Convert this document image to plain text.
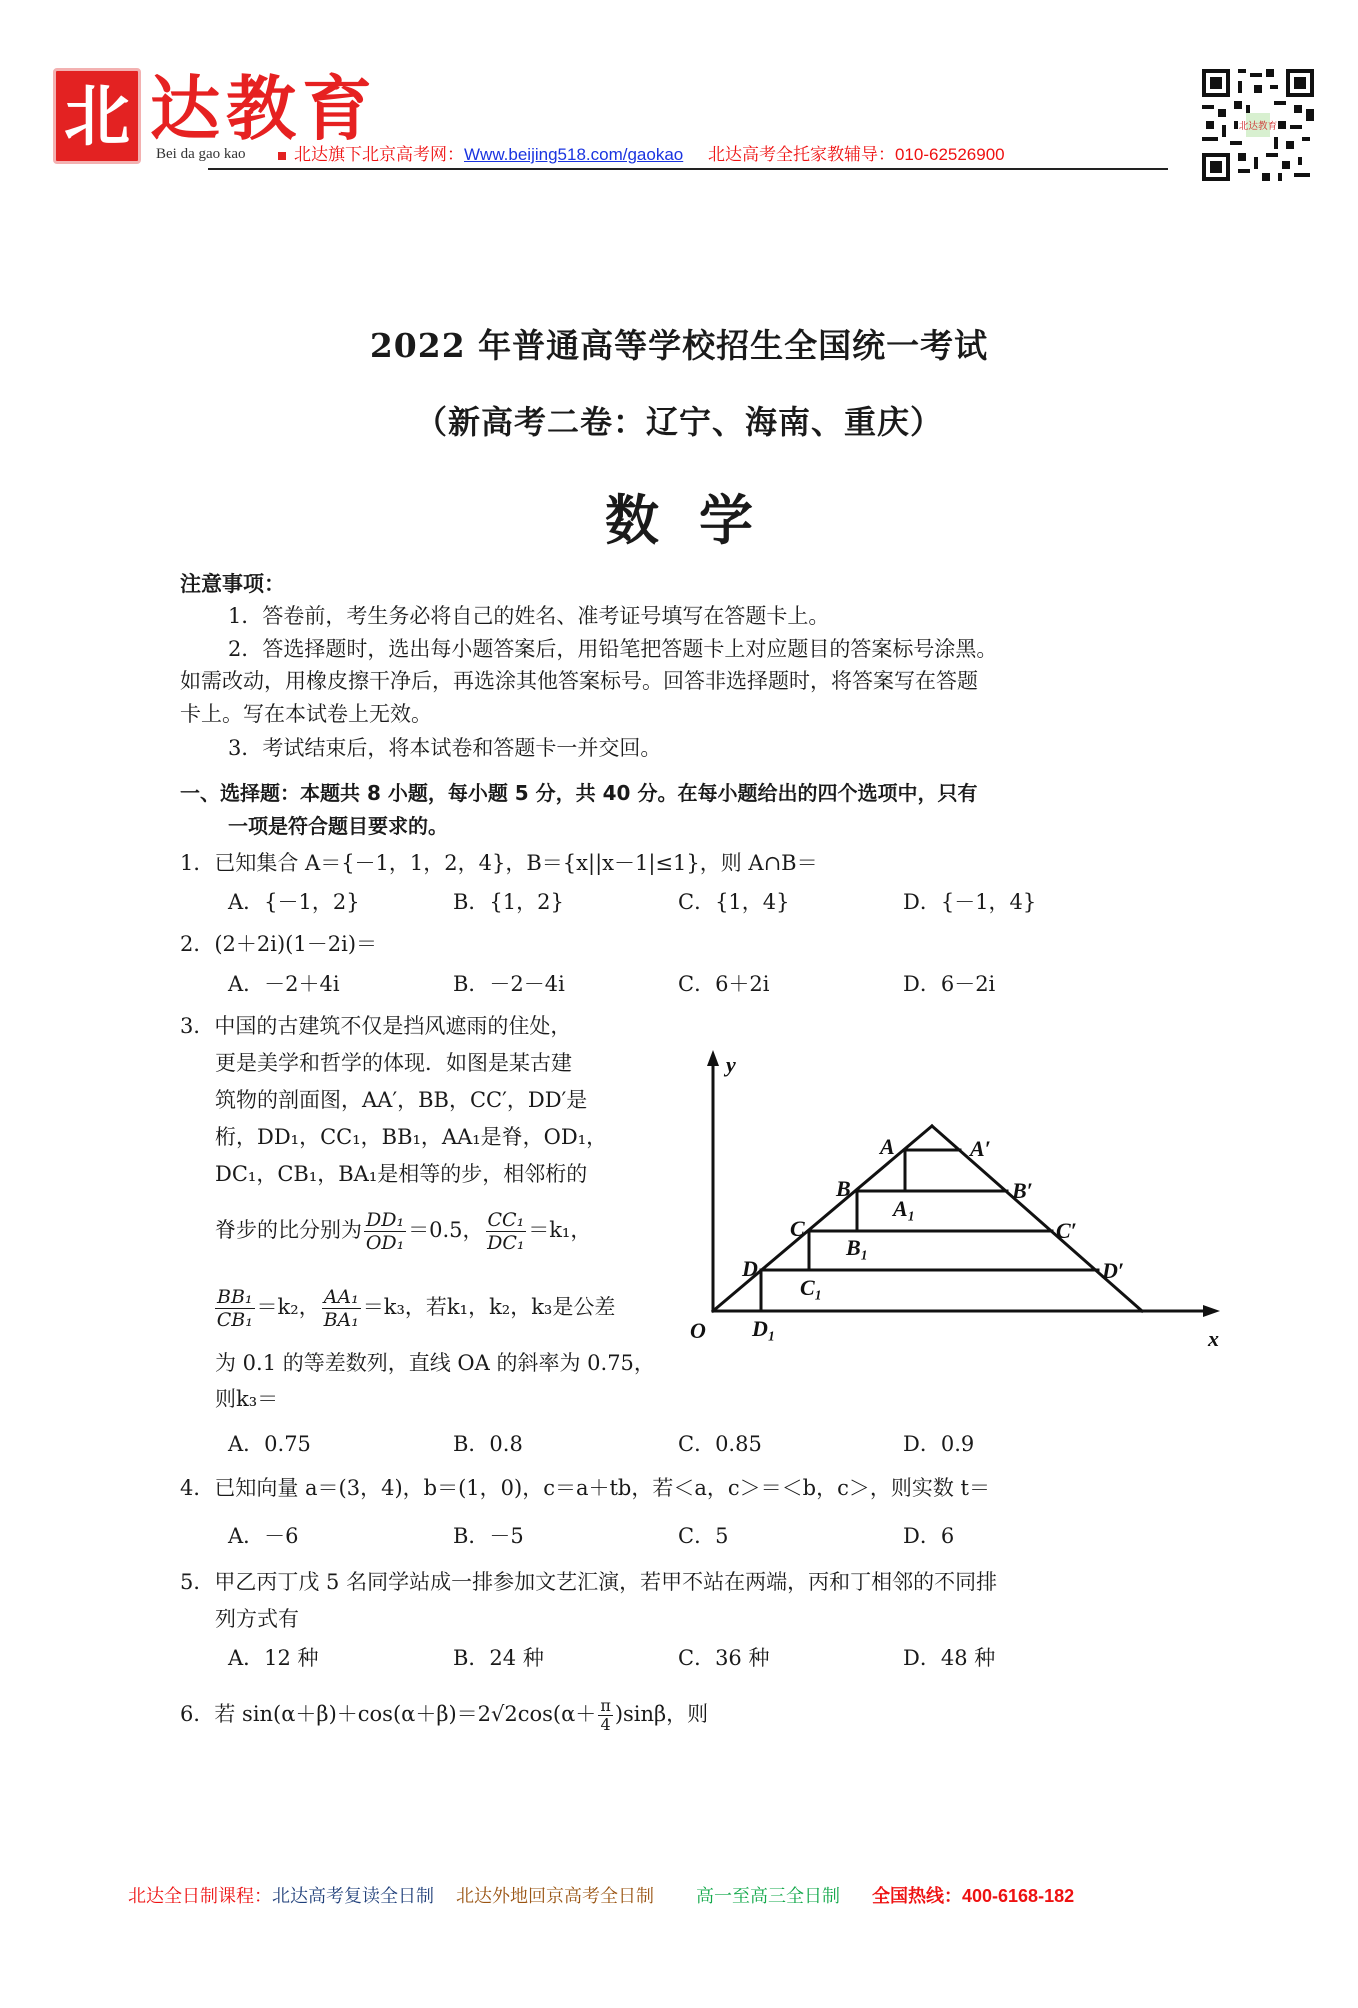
北 达教育
Bei da gao kao	北达旗下北京高考网：Www.beijing518.com/gaokao 北达高考全托家教辅导：010-62526900
北达教育
2022 年普通高等学校招生全国统一考试
（新高考二卷：辽宁、海南、重庆）
数学
注意事项：
1．答卷前，考生务必将自己的姓名、准考证号填写在答题卡上。
2．答选择题时，选出每小题答案后，用铅笔把答题卡上对应题目的答案标号涂黑。
如需改动，用橡皮擦干净后，再选涂其他答案标号。回答非选择题时，将答案写在答题
卡上。写在本试卷上无效。
3．考试结束后，将本试卷和答题卡一并交回。
一、选择题：本题共 8 小题，每小题 5 分，共 40 分。在每小题给出的四个选项中，只有
一项是符合题目要求的。
1．已知集合 A＝{－1，1，2，4}，B＝{x||x－1|≤1}，则 A∩B＝
A．{－1，2}	B．{1，2}	C．{1，4}	D．{－1，4}
2．(2＋2i)(1－2i)＝
A．－2＋4i	B．－2－4i	C．6＋2i	D．6－2i
3．中国的古建筑不仅是挡风遮雨的住处，
更是美学和哲学的体现．如图是某古建
筑物的剖面图，AA′，BB，CC′，DD′是
桁，DD₁，CC₁，BB₁，AA₁是脊，OD₁，
DC₁，CB₁，BA₁是相等的步，相邻桁的
脊步的比分别为 $\frac{\text{DD₁}}{\text{OD₁}} =0.5$， $\frac{\text{CC₁}}{\text{DC₁}} =k_1$，
$\frac{\text{BB₁}}{\text{CB₁}} =k_2$， $\frac{\text{AA₁}}{\text{BA₁}} =k_3$，若k₁，k₂，k₃是公差
为 0.1 的等差数列，直线 OA 的斜率为 0.75，
则k₃＝
A．0.75	B．0.8	C．0.85	D．0.9
y
x
O
A	A′
B	B′
C	C′
D	D′
A₁
B₁
C₁
D₁
4．已知向量 a＝(3，4)，b＝(1，0)，c＝a＋tb，若＜a，c＞＝＜b，c＞，则实数 t＝
A．－6	B．－5	C．5	D．6
5．甲乙丙丁戊 5 名同学站成一排参加文艺汇演，若甲不站在两端，丙和丁相邻的不同排
列方式有
A．12 种	B．24 种	C．36 种	D．48 种
6．若 $\sin(\alpha+\beta)+\cos(\alpha+\beta)=2√2\cos(\alpha+ \frac{\pi}{4} )\sin\beta$，则
北达全日制课程：北达高考复读全日制 北达外地回京高考全日制 高一至高三全日制 全国热线：400-6168-182
